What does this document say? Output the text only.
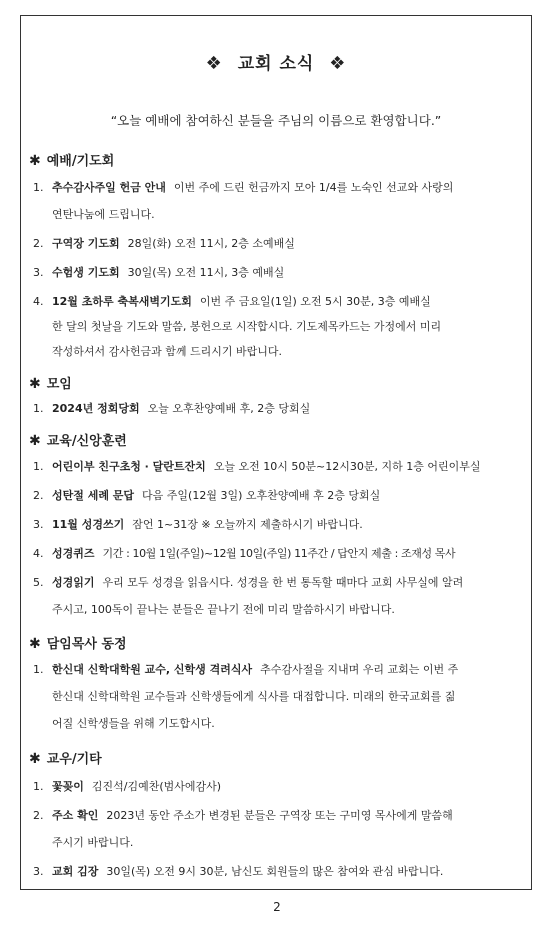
❖ 교회 소식 ❖
“오늘 예배에 참여하신 분들을 주님의 이름으로 환영합니다.”
✱ 예배/기도회
1. 추수감사주일 헌금 안내 이번 주에 드린 헌금까지 모아 1/4를 노숙인 선교와 사랑의
연탄나눔에 드립니다.
2. 구역장 기도회 28일(화) 오전 11시, 2층 소예배실
3. 수험생 기도회 30일(목) 오전 11시, 3층 예배실
4. 12월 초하루 축복새벽기도회 이번 주 금요일(1일) 오전 5시 30분, 3층 예배실
한 달의 첫날을 기도와 말씀, 봉헌으로 시작합시다. 기도제목카드는 가정에서 미리
작성하셔서 감사헌금과 함께 드리시기 바랍니다.
✱ 모임
1. 2024년 정회당회 오늘 오후찬양예배 후, 2층 당회실
✱ 교육/신앙훈련
1. 어린이부 친구초청 · 달란트잔치 오늘 오전 10시 50분~12시30분, 지하 1층 어린이부실
2. 성탄절 세례 문답 다음 주일(12월 3일) 오후찬양예배 후 2층 당회실
3. 11월 성경쓰기 잠언 1~31장 ※ 오늘까지 제출하시기 바랍니다.
4. 성경퀴즈 기간 : 10월 1일(주일)~12월 10일(주일) 11주간 / 답안지 제출 : 조재성 목사
5. 성경읽기 우리 모두 성경을 읽읍시다. 성경을 한 번 통독할 때마다 교회 사무실에 알려
주시고, 100독이 끝나는 분들은 끝나기 전에 미리 말씀하시기 바랍니다.
✱ 담임목사 동정
1. 한신대 신학대학원 교수, 신학생 격려식사 추수감사절을 지내며 우리 교회는 이번 주
한신대 신학대학원 교수들과 신학생들에게 식사를 대접합니다. 미래의 한국교회를 짊
어질 신학생들을 위해 기도합시다.
✱ 교우/기타
1. 꽃꽂이 김진석/김예찬(범사에감사)
2. 주소 확인 2023년 동안 주소가 변경된 분들은 구역장 또는 구미영 목사에게 말씀해
주시기 바랍니다.
3. 교회 김장 30일(목) 오전 9시 30분, 남신도 회원들의 많은 참여와 관심 바랍니다.
2
